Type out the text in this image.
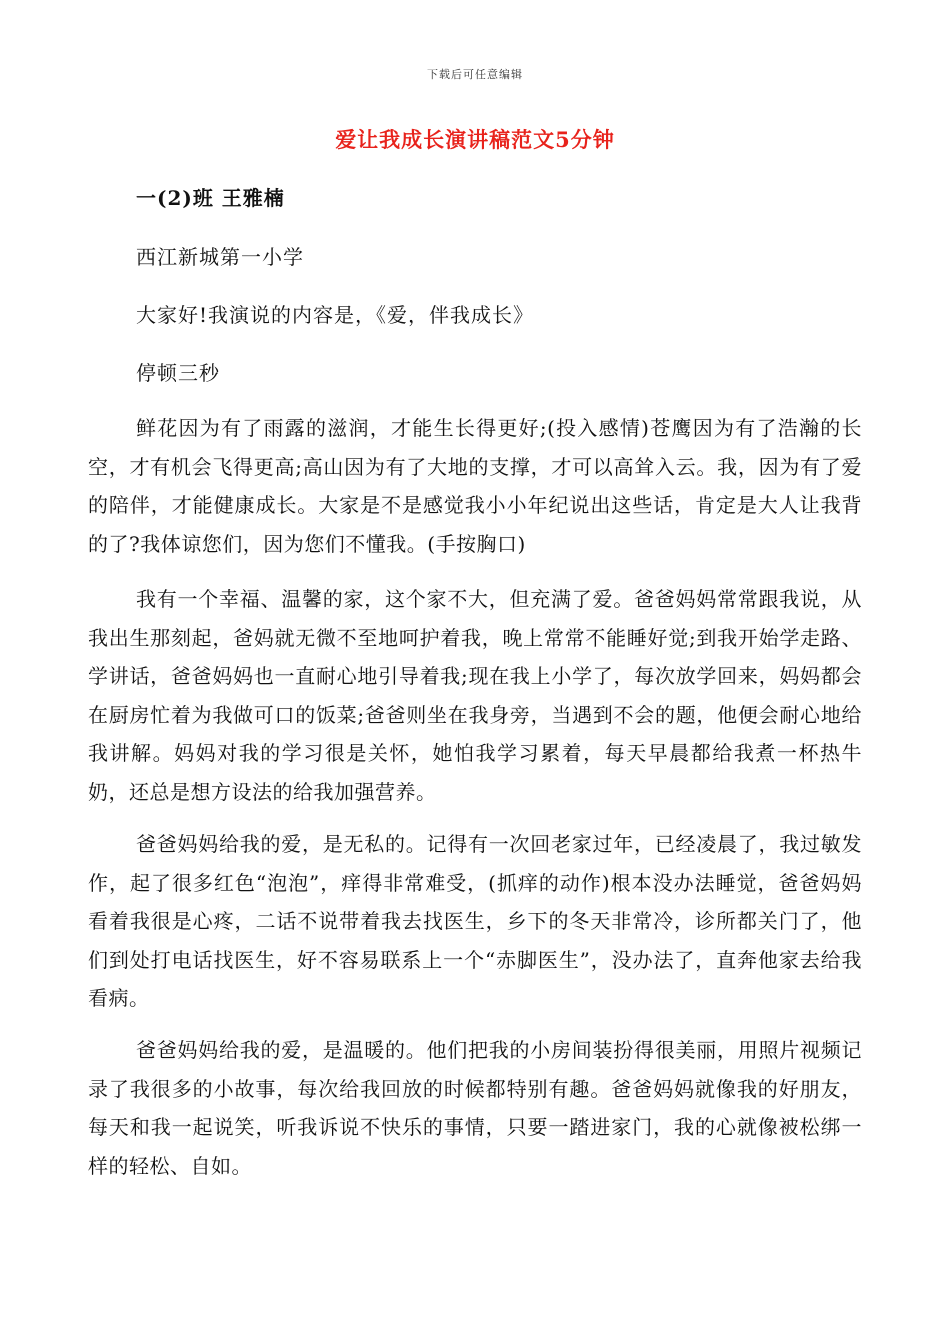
下载后可任意编辑
爱让我成长演讲稿范文5分钟
一(2)班 王雅楠
西江新城第一小学
大家好!我演说的内容是，《爱，伴我成长》
停顿三秒

鲜花因为有了雨露的滋润，才能生长得更好;(投入感情)苍鹰因为有了浩瀚的长空，才有机会飞得更高;高山因为有了大地的支撑，才可以高耸入云。我，因为有了爱的陪伴，才能健康成长。大家是不是感觉我小小年纪说出这些话，肯定是大人让我背的了?我体谅您们，因为您们不懂我。(手按胸口)

我有一个幸福、温馨的家，这个家不大，但充满了爱。爸爸妈妈常常跟我说，从我出生那刻起，爸妈就无微不至地呵护着我，晚上常常不能睡好觉;到我开始学走路、学讲话，爸爸妈妈也一直耐心地引导着我;现在我上小学了，每次放学回来，妈妈都会在厨房忙着为我做可口的饭菜;爸爸则坐在我身旁，当遇到不会的题，他便会耐心地给我讲解。妈妈对我的学习很是关怀，她怕我学习累着，每天早晨都给我煮一杯热牛奶，还总是想方设法的给我加强营养。

爸爸妈妈给我的爱，是无私的。记得有一次回老家过年，已经凌晨了，我过敏发作，起了很多红色“泡泡”，痒得非常难受，(抓痒的动作)根本没办法睡觉，爸爸妈妈看着我很是心疼，二话不说带着我去找医生，乡下的冬天非常冷，诊所都关门了，他们到处打电话找医生，好不容易联系上一个“赤脚医生”，没办法了，直奔他家去给我看病。

爸爸妈妈给我的爱，是温暖的。他们把我的小房间装扮得很美丽，用照片视频记录了我很多的小故事，每次给我回放的时候都特别有趣。爸爸妈妈就像我的好朋友，每天和我一起说笑，听我诉说不快乐的事情，只要一踏进家门，我的心就像被松绑一样的轻松、自如。
